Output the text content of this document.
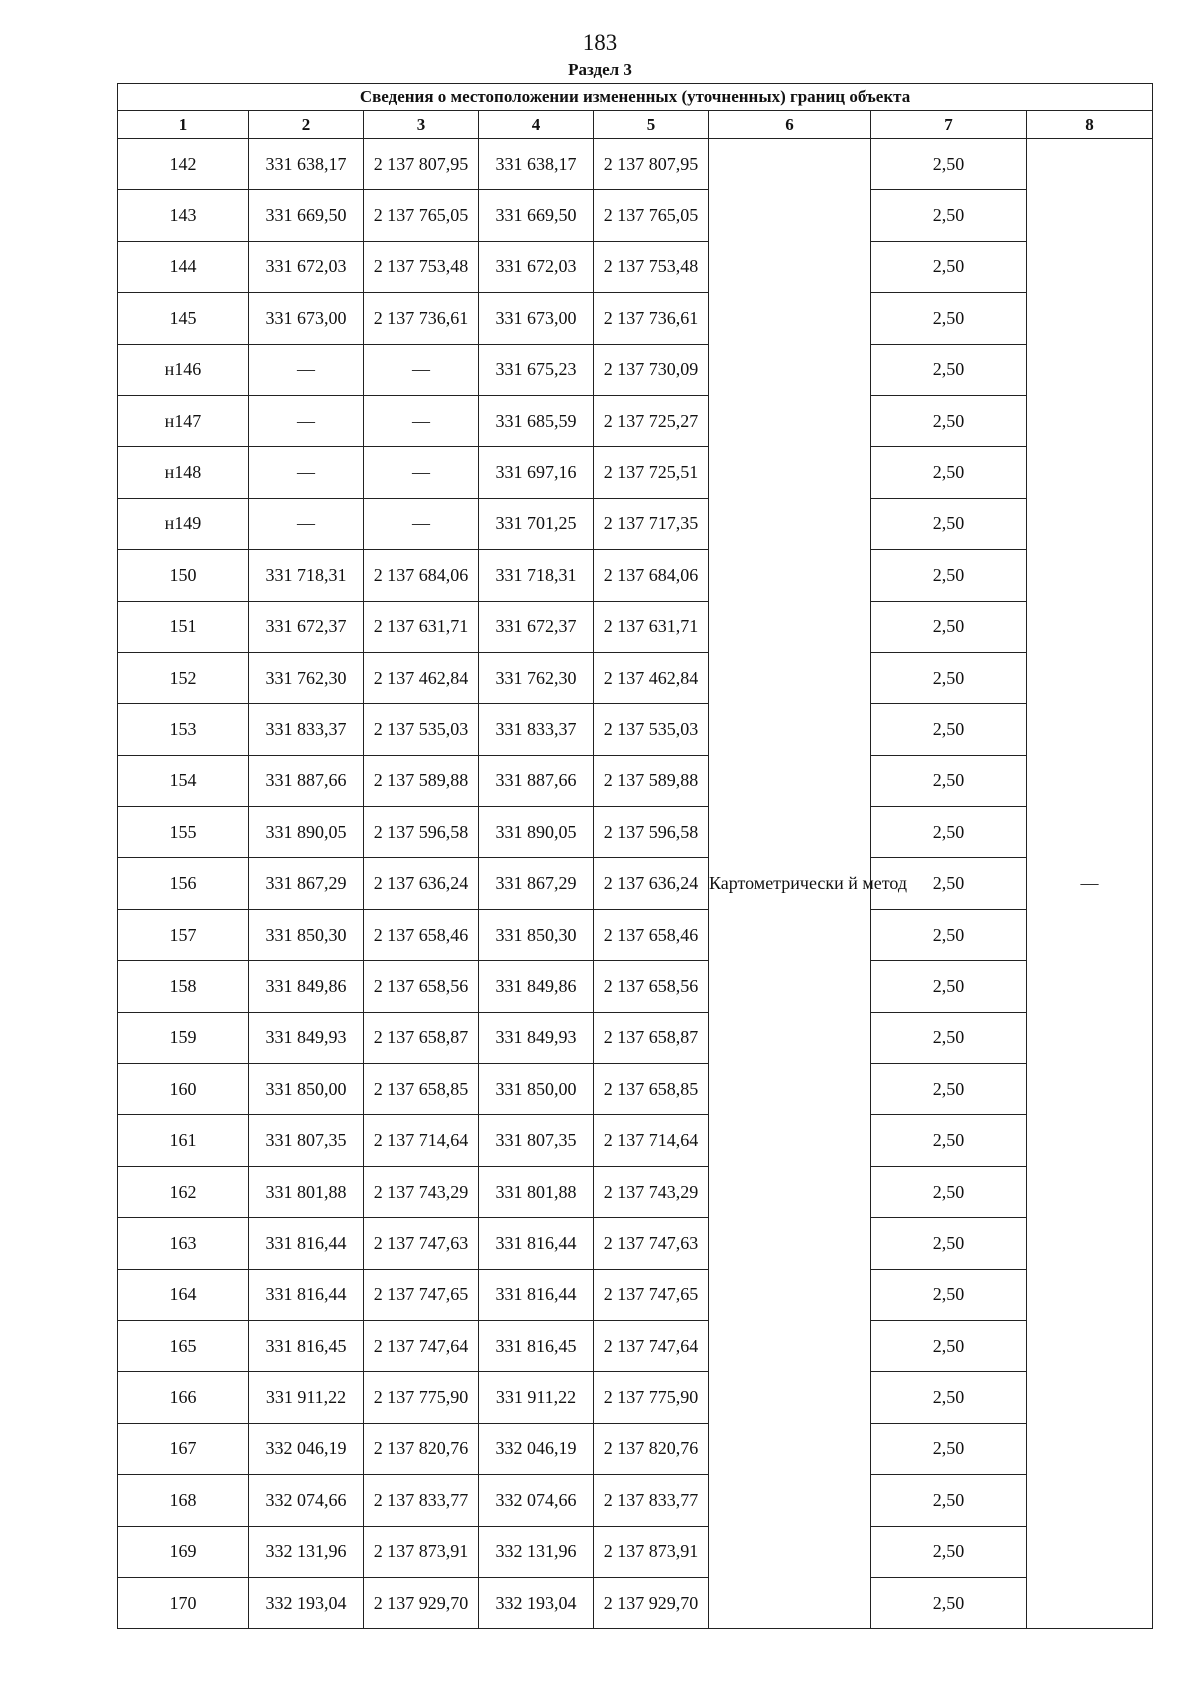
183
Раздел 3
Сведения о местоположении измененных (уточненных) границ объекта							
1	2	3	4	5	6	7	8
142	331 638,17	2 137 807,95	331 638,17	2 137 807,95	Картометрически й метод	2,50	—
143	331 669,50	2 137 765,05	331 669,50	2 137 765,05		2,50	
144	331 672,03	2 137 753,48	331 672,03	2 137 753,48		2,50	
145	331 673,00	2 137 736,61	331 673,00	2 137 736,61		2,50	
н146	—	—	331 675,23	2 137 730,09		2,50	
н147	—	—	331 685,59	2 137 725,27		2,50	
н148	—	—	331 697,16	2 137 725,51		2,50	
н149	—	—	331 701,25	2 137 717,35		2,50	
150	331 718,31	2 137 684,06	331 718,31	2 137 684,06		2,50	
151	331 672,37	2 137 631,71	331 672,37	2 137 631,71		2,50	
152	331 762,30	2 137 462,84	331 762,30	2 137 462,84		2,50	
153	331 833,37	2 137 535,03	331 833,37	2 137 535,03		2,50	
154	331 887,66	2 137 589,88	331 887,66	2 137 589,88		2,50	
155	331 890,05	2 137 596,58	331 890,05	2 137 596,58		2,50	
156	331 867,29	2 137 636,24	331 867,29	2 137 636,24		2,50	
157	331 850,30	2 137 658,46	331 850,30	2 137 658,46		2,50	
158	331 849,86	2 137 658,56	331 849,86	2 137 658,56		2,50	
159	331 849,93	2 137 658,87	331 849,93	2 137 658,87		2,50	
160	331 850,00	2 137 658,85	331 850,00	2 137 658,85		2,50	
161	331 807,35	2 137 714,64	331 807,35	2 137 714,64		2,50	
162	331 801,88	2 137 743,29	331 801,88	2 137 743,29		2,50	
163	331 816,44	2 137 747,63	331 816,44	2 137 747,63		2,50	
164	331 816,44	2 137 747,65	331 816,44	2 137 747,65		2,50	
165	331 816,45	2 137 747,64	331 816,45	2 137 747,64		2,50	
166	331 911,22	2 137 775,90	331 911,22	2 137 775,90		2,50	
167	332 046,19	2 137 820,76	332 046,19	2 137 820,76		2,50	
168	332 074,66	2 137 833,77	332 074,66	2 137 833,77		2,50	
169	332 131,96	2 137 873,91	332 131,96	2 137 873,91		2,50	
170	332 193,04	2 137 929,70	332 193,04	2 137 929,70		2,50	
